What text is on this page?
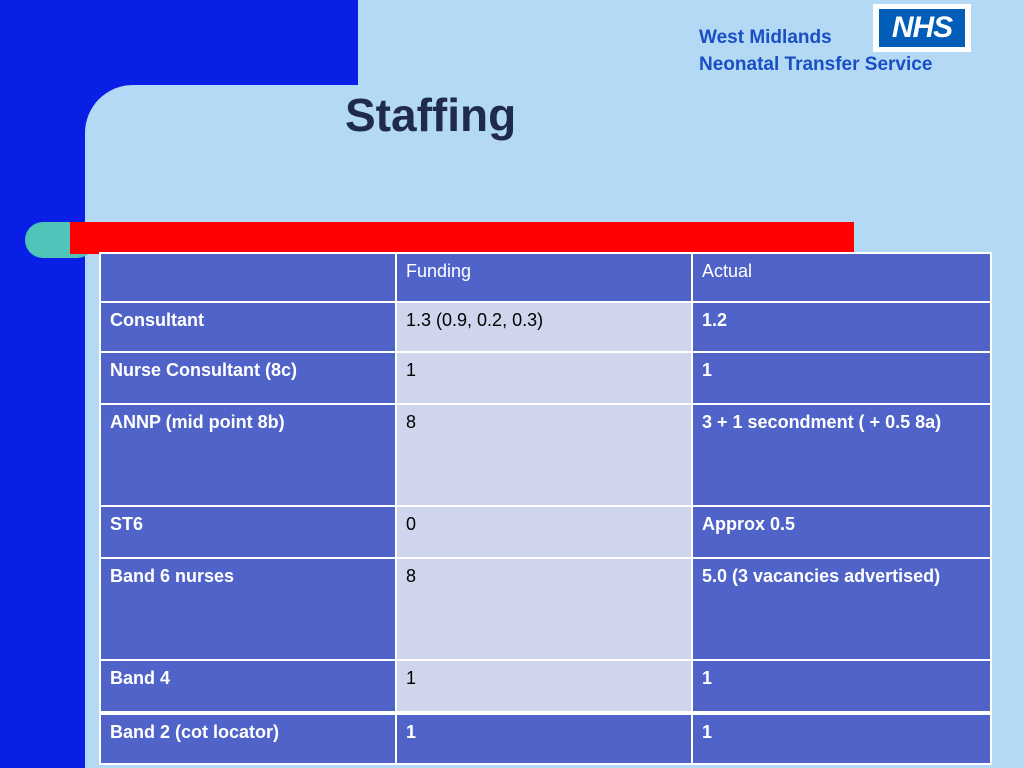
West Midlands
Neonatal Transfer Service
NHS
Staffing
	Funding	Actual
Consultant	1.3 (0.9, 0.2, 0.3)	1.2
Nurse Consultant (8c)	1	1
ANNP (mid point 8b)	8	3 + 1 secondment ( + 0.5 8a)
ST6	0	Approx 0.5
Band 6 nurses	8	5.0 (3 vacancies advertised)
Band 4	1	1
Band 2 (cot locator)	1	1
